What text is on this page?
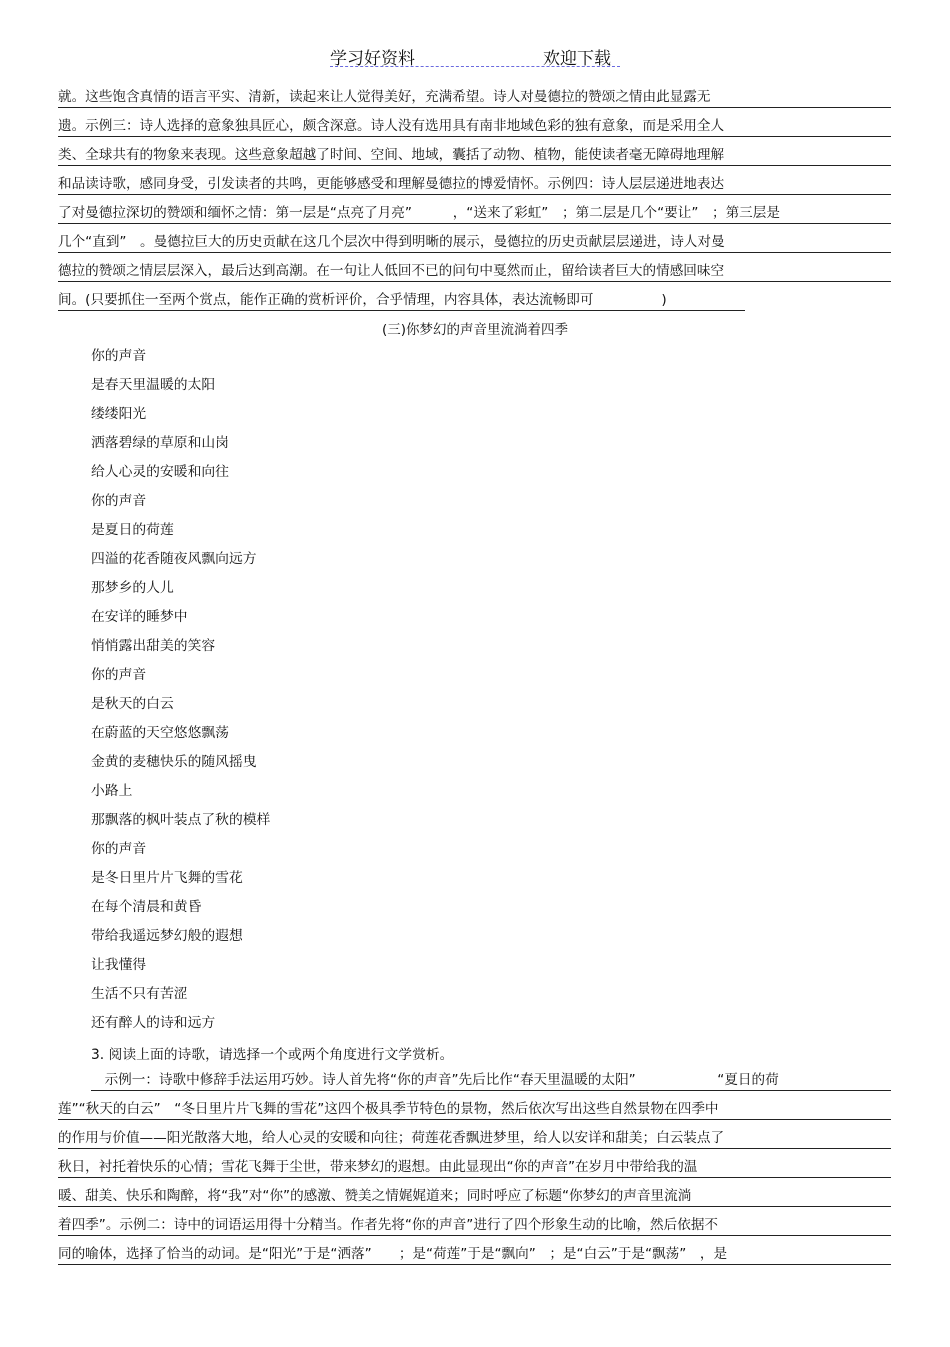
学习好资料	欢迎下载
就。这些饱含真情的语言平实、清新，读起来让人觉得美好，充满希望。诗人对曼德拉的赞颂之情由此显露无
遗。示例三：诗人选择的意象独具匠心，颇含深意。诗人没有选用具有南非地域色彩的独有意象，而是采用全人
类、全球共有的物象来表现。这些意象超越了时间、空间、地域，囊括了动物、植物，能使读者毫无障碍地理解
和品读诗歌，感同身受，引发读者的共鸣，更能够感受和理解曼德拉的博爱情怀。示例四：诗人层层递进地表达
了对曼德拉深切的赞颂和缅怀之情：第一层是“点亮了月亮”　　　，“送来了彩虹”　；第二层是几个“要让”　；第三层是
几个“直到”　。曼德拉巨大的历史贡献在这几个层次中得到明晰的展示，曼德拉的历史贡献层层递进，诗人对曼
德拉的赞颂之情层层深入，最后达到高潮。在一句让人低回不已的问句中戛然而止，留给读者巨大的情感回味空
间。(只要抓住一至两个赏点，能作正确的赏析评价，合乎情理，内容具体，表达流畅即可　　　　　)
(三)你梦幻的声音里流淌着四季
你的声音
是春天里温暖的太阳
缕缕阳光
洒落碧绿的草原和山岗
给人心灵的安暖和向往
你的声音
是夏日的荷莲
四溢的花香随夜风飘向远方
那梦乡的人儿
在安详的睡梦中
悄悄露出甜美的笑容
你的声音
是秋天的白云
在蔚蓝的天空悠悠飘荡
金黄的麦穗快乐的随风摇曳
小路上
那飘落的枫叶装点了秋的模样
你的声音
是冬日里片片飞舞的雪花
在每个清晨和黄昏
带给我遥远梦幻般的遐想
让我懂得
生活不只有苦涩
还有醉人的诗和远方
3. 阅读上面的诗歌，请选择一个或两个角度进行文学赏析。
　示例一：诗歌中修辞手法运用巧妙。诗人首先将“你的声音”先后比作“春天里温暖的太阳”　　　　　　“夏日的荷
莲”“秋天的白云”　“冬日里片片飞舞的雪花”这四个极具季节特色的景物，然后依次写出这些自然景物在四季中
的作用与价值——阳光散落大地，给人心灵的安暖和向往；荷莲花香飘进梦里，给人以安详和甜美；白云装点了
秋日，衬托着快乐的心情；雪花飞舞于尘世，带来梦幻的遐想。由此显现出“你的声音”在岁月中带给我的温
暖、甜美、快乐和陶醉，将“我”对“你”的感激、赞美之情娓娓道来；同时呼应了标题“你梦幻的声音里流淌
着四季”。示例二：诗中的词语运用得十分精当。作者先将“你的声音”进行了四个形象生动的比喻，然后依据不
同的喻体，选择了恰当的动词。是“阳光”于是“洒落”　　；是“荷莲”于是“飘向”　；是“白云”于是“飘荡”　，是
